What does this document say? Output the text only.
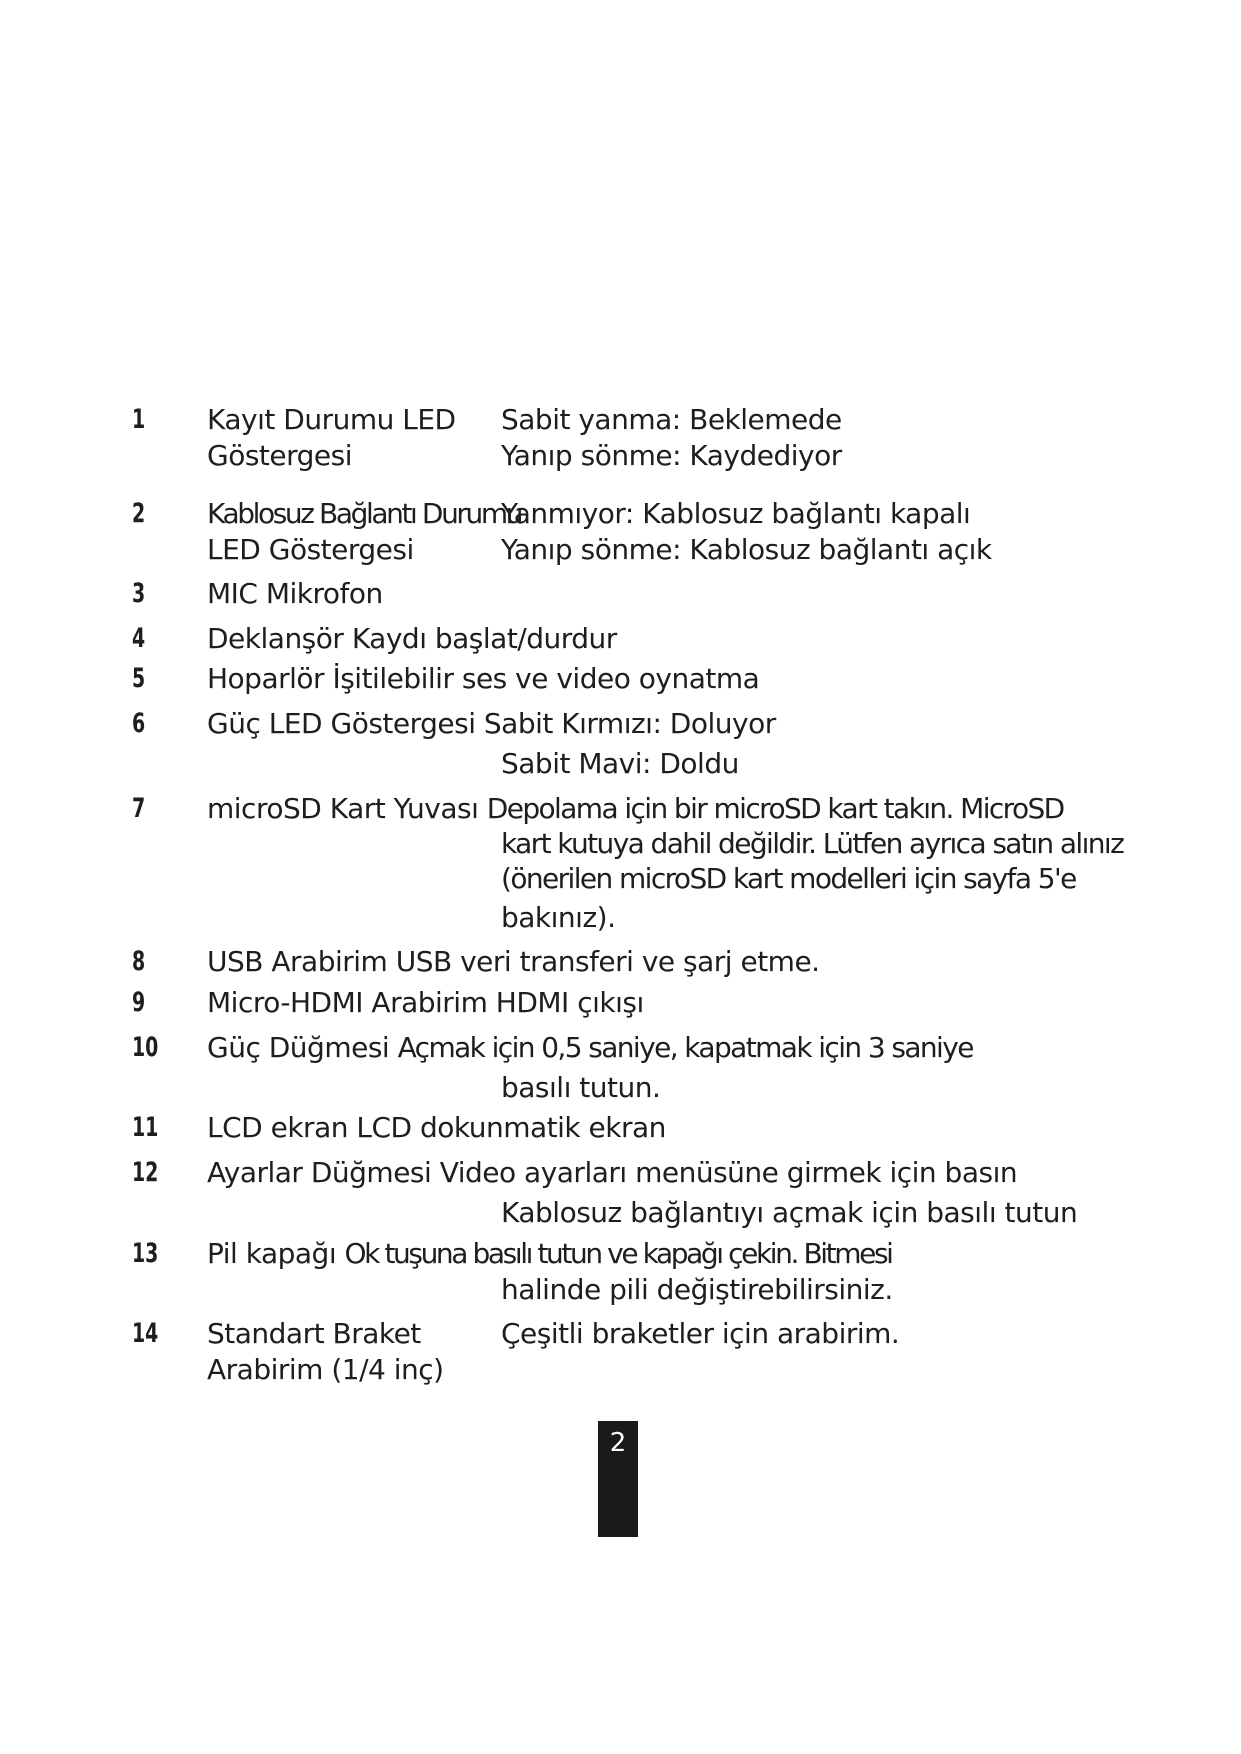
1 Kayıt Durumu LED
Göstergesi
Sabit yanma: Beklemede
Yanıp sönme: Kaydediyor
2 Kablosuz Bağlantı Durumu
LED Göstergesi
Yanmıyor: Kablosuz bağlantı kapalı
Yanıp sönme: Kablosuz bağlantı açık
3 MIC Mikrofon
4 Deklanşör Kaydı başlat/durdur
5 Hoparlör İşitilebilir ses ve video oynatma
6 Güç LED Göstergesi Sabit Kırmızı: Doluyor
Sabit Mavi: Doldu
7 microSD Kart Yuvası Depolama için bir microSD kart takın. MicroSD
kart kutuya dahil değildir. Lütfen ayrıca satın alınız
(önerilen microSD kart modelleri için sayfa 5'e
bakınız).
8 USB Arabirim USB veri transferi ve şarj etme.
9 Micro-HDMI Arabirim HDMI çıkışı
10 Güç Düğmesi Açmak için 0,5 saniye, kapatmak için 3 saniye
basılı tutun.
11 LCD ekran LCD dokunmatik ekran
12 Ayarlar Düğmesi Video ayarları menüsüne girmek için basın
Kablosuz bağlantıyı açmak için basılı tutun
13 Pil kapağı Ok tuşuna basılı tutun ve kapağı çekin. Bitmesi
halinde pili değiştirebilirsiniz.
14 Standart Braket
Arabirim (1/4 inç)
Çeşitli braketler için arabirim.
2
